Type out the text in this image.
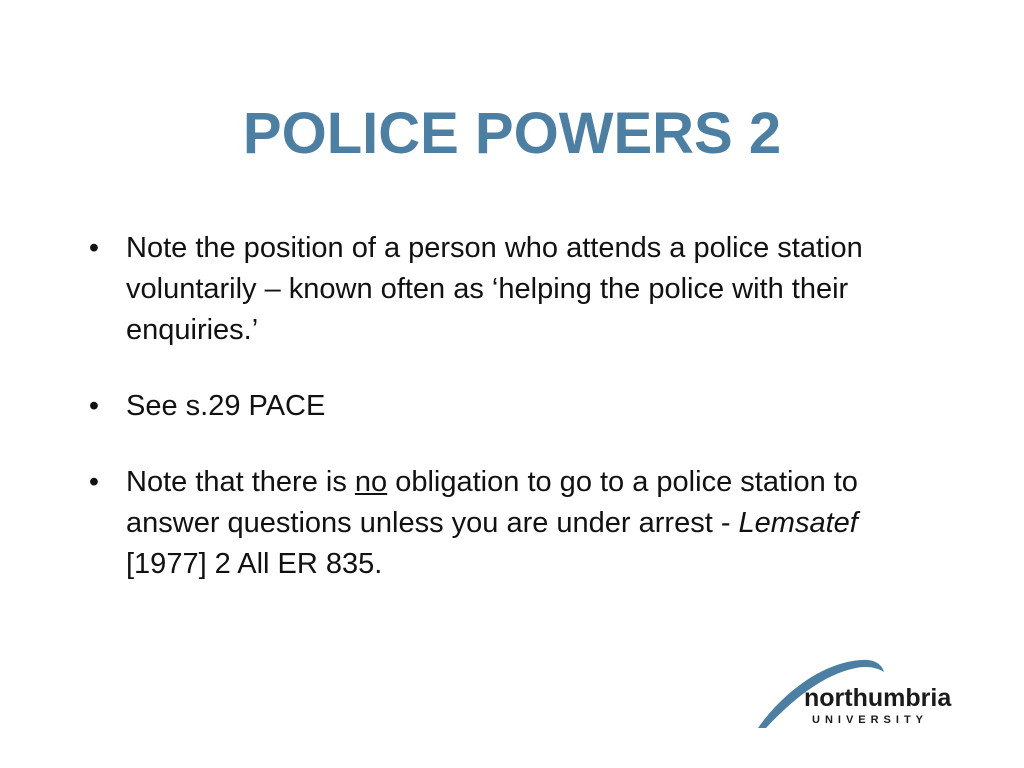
POLICE POWERS 2
• Note the position of a person who attends a police station voluntarily – known often as ‘helping the police with their enquiries.’
• See s.29 PACE
• Note that there is no obligation to go to a police station to answer questions unless you are under arrest - Lemsatef [1977] 2 All ER 835.
northumbria
UNIVERSITY
